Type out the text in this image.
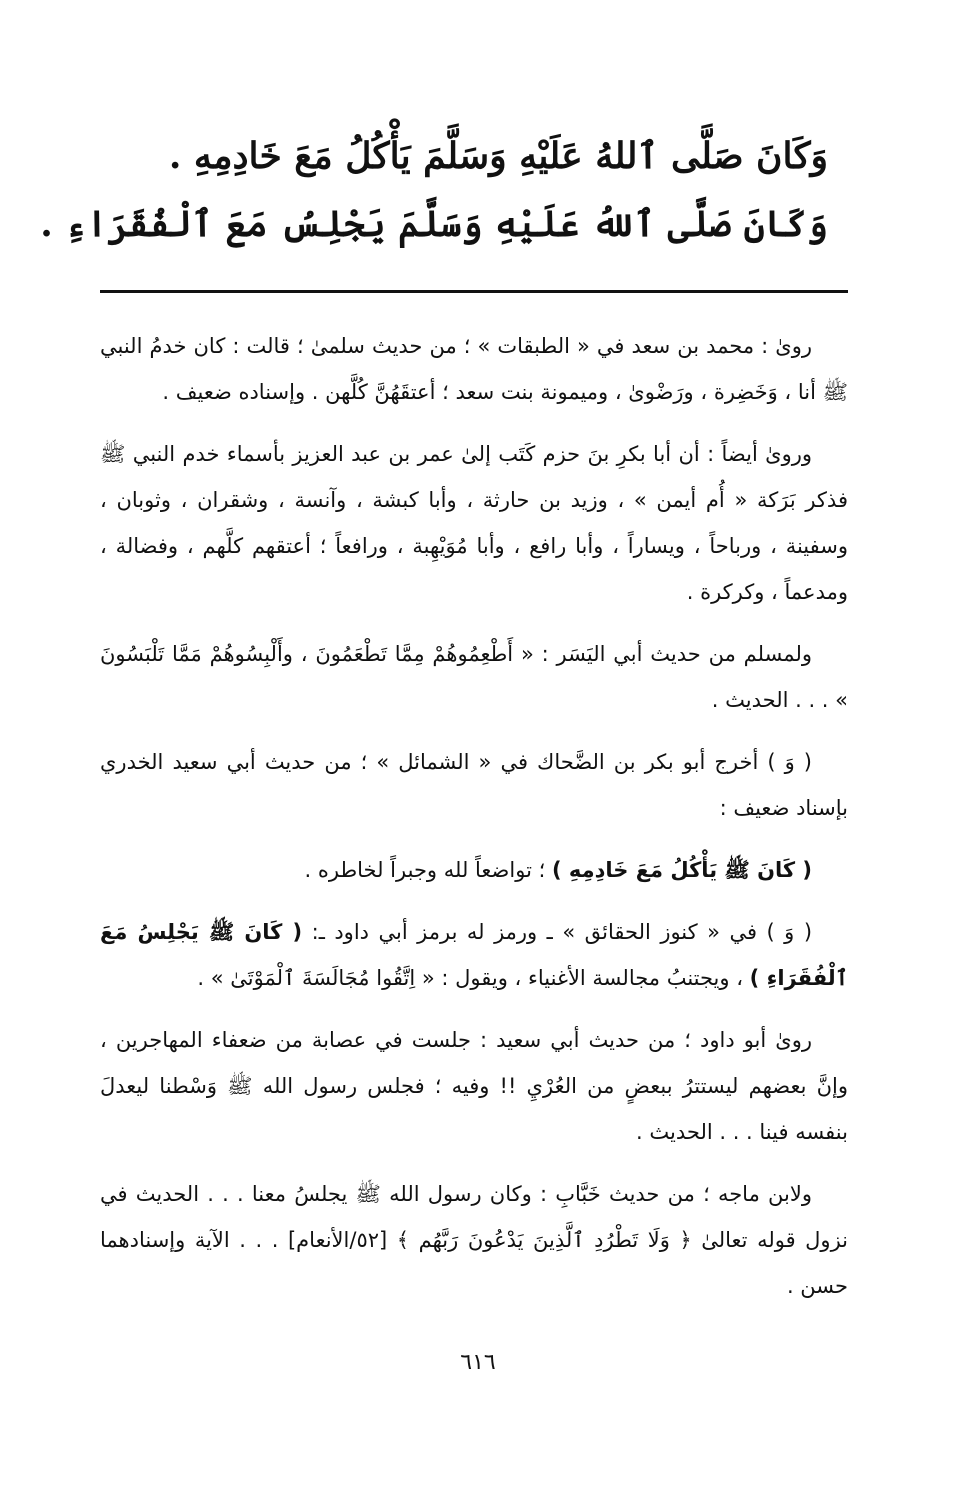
وَكَانَ صَلَّى ٱللهُ عَلَيْهِ وَسَلَّمَ يَأْكُلُ مَعَ خَادِمِهِ .
وَكَانَ صَلَّى ٱللهُ عَلَيْهِ وَسَلَّمَ يَجْلِسُ مَعَ ٱلْفُقَرَاءِ .

رویٰ : محمد بن سعد في « الطبقات » ؛ من حديث سلمىٰ ؛ قالت : كان خدمُ النبي ﷺ أنا ، وَخَضِرة ، ورَضْوىٰ ، وميمونة بنت سعد ؛ أعتقَهُنَّ كُلَّهن . وإسناده ضعيف .

وروىٰ أيضاً : أن أبا بكرِ بنَ حزم كَتَب إلىٰ عمر بن عبد العزيز بأسماء خدم النبي ﷺ فذكر بَرَكة « أُم أيمن » ، وزيد بن حارثة ، وأبا كبشة ، وآنسة ، وشقران ، وثوبان ، وسفينة ، ورباحاً ، ويساراً ، وأبا رافع ، وأبا مُوَيْهِبة ، ورافعاً ؛ أعتقهم كلَّهم ، وفضالة ، ومدعماً ، وكركرة .

ولمسلم من حديث أبي اليَسَر : « أَطْعِمُوهُمْ مِمَّا تَطْعَمُونَ ، وأَلْبِسُوهُمْ مَمَّا تَلْبَسُونَ » . . . الحديث .

( وَ ) أخرج أبو بكر بن الضَّحاك في « الشمائل » ؛ من حديث أبي سعيد الخدري بإسناد ضعيف :

( كَانَ ﷺ يَأْكُلُ مَعَ خَادِمِهِ ) ؛ تواضعاً لله وجبراً لخاطره .

( وَ ) في « كنوز الحقائق » ـ ورمز له برمز أبي داود ـ: ( كَانَ ﷺ يَجْلِسُ مَعَ ٱلْفُقَرَاءِ ) ، ويجتنبُ مجالسة الأغنياء ، ويقول : « اِتَّقُوا مُجَالَسَةَ ٱلْمَوْتَىٰ » .

رویٰ أبو داود ؛ من حديث أبي سعيد : جلست في عصابة من ضعفاء المهاجرين ، وإنَّ بعضهم ليستترُ ببعضٍ من العُرْيِ !! وفيه ؛ فجلس رسول الله ﷺ وَسْطنا ليعدلَ بنفسه فينا . . . الحديث .

ولابن ماجه ؛ من حديث خَبَّابِ : وكان رسول الله ﷺ يجلسُ معنا . . . الحديث في نزول قوله تعالىٰ ﴿ وَلَا تَطْرُدِ ٱلَّذِينَ يَدْعُونَ رَبَّهُم ﴾ [٥٢/الأنعام] . . . الآية وإسنادهما حسن .

٦١٦
